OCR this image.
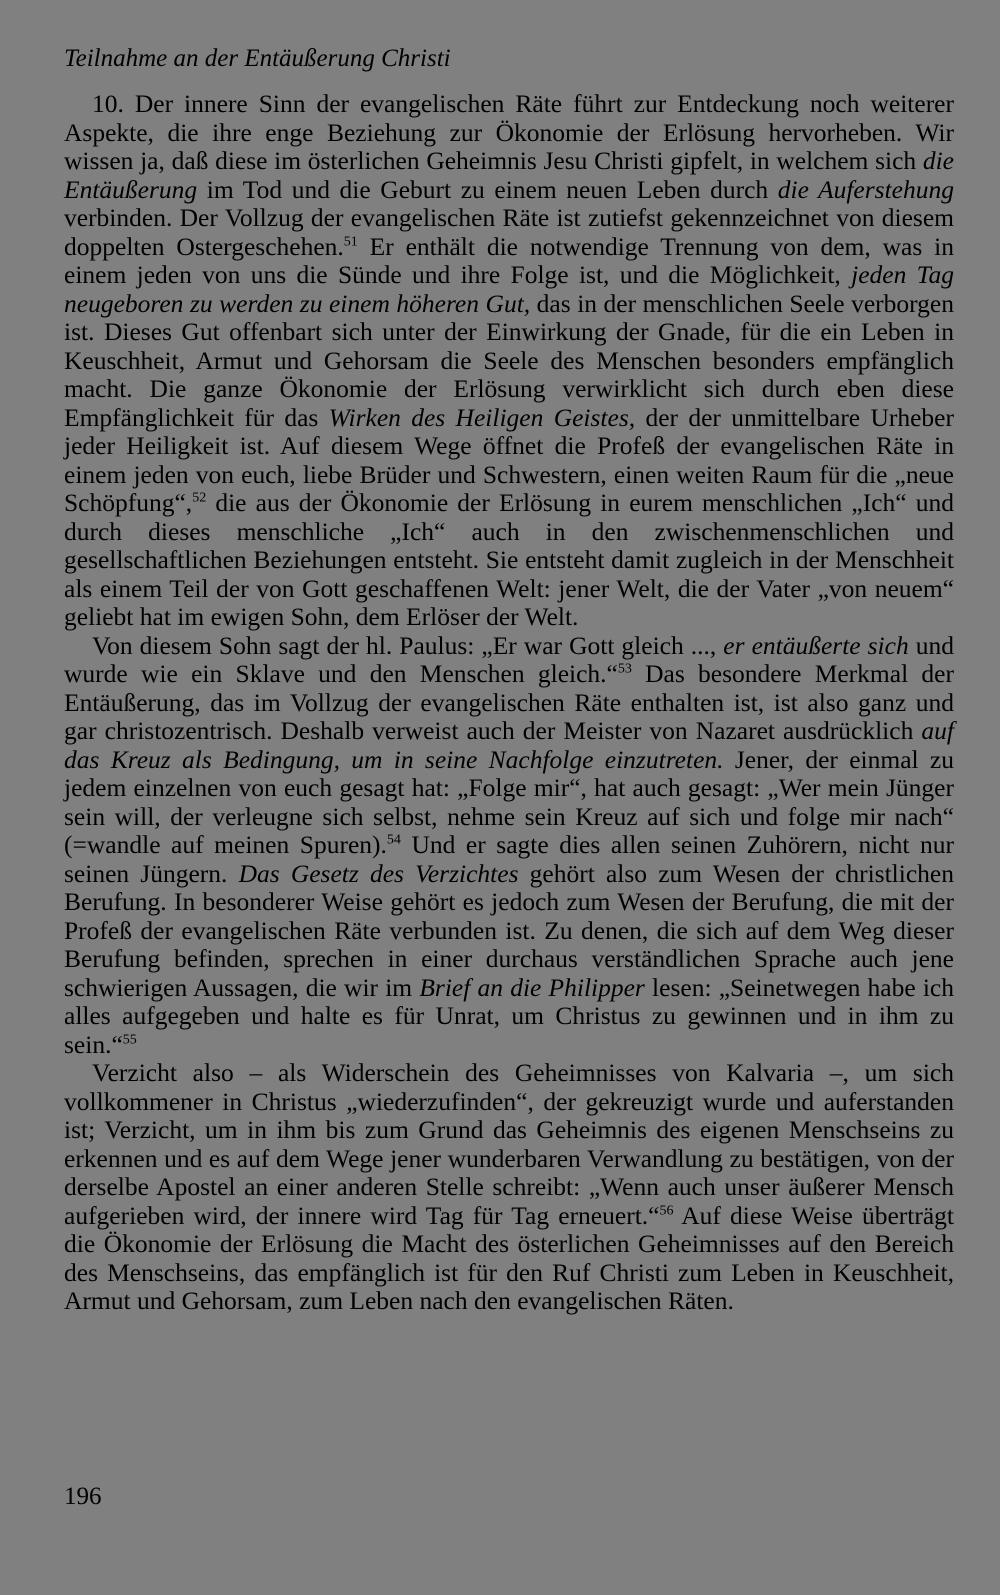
Teilnahme an der Entäußerung Christi

10. Der innere Sinn der evangelischen Räte führt zur Entdeckung noch weiterer Aspekte, die ihre enge Beziehung zur Ökonomie der Erlösung hervorheben. Wir wissen ja, daß diese im österlichen Geheimnis Jesu Christi gipfelt, in welchem sich die Entäußerung im Tod und die Geburt zu einem neuen Leben durch die Auferstehung verbinden. Der Vollzug der evangelischen Räte ist zutiefst gekennzeichnet von diesem doppelten Ostergeschehen.$^{51}$ Er enthält die notwendige Trennung von dem, was in einem jeden von uns die Sünde und ihre Folge ist, und die Möglichkeit, jeden Tag neugeboren zu werden zu einem höheren Gut, das in der menschlichen Seele verborgen ist. Dieses Gut offenbart sich unter der Einwirkung der Gnade, für die ein Leben in Keuschheit, Armut und Gehorsam die Seele des Menschen besonders empfänglich macht. Die ganze Ökonomie der Erlösung verwirklicht sich durch eben diese Empfänglichkeit für das Wirken des Heiligen Geistes, der der unmittelbare Urheber jeder Heiligkeit ist. Auf diesem Wege öffnet die Profeß der evangelischen Räte in einem jeden von euch, liebe Brüder und Schwestern, einen weiten Raum für die „neue Schöpfung“,$^{52}$ die aus der Ökonomie der Erlösung in eurem menschlichen „Ich“ und durch dieses menschliche „Ich“ auch in den zwischenmenschlichen und gesellschaftlichen Beziehungen entsteht. Sie entsteht damit zugleich in der Menschheit als einem Teil der von Gott geschaffenen Welt: jener Welt, die der Vater „von neuem“ geliebt hat im ewigen Sohn, dem Erlöser der Welt.

Von diesem Sohn sagt der hl. Paulus: „Er war Gott gleich ..., er entäußerte sich und wurde wie ein Sklave und den Menschen gleich.“$^{53}$ Das besondere Merkmal der Entäußerung, das im Vollzug der evangelischen Räte enthalten ist, ist also ganz und gar christozentrisch. Deshalb verweist auch der Meister von Nazaret ausdrücklich auf das Kreuz als Bedingung, um in seine Nachfolge einzutreten. Jener, der einmal zu jedem einzelnen von euch gesagt hat: „Folge mir“, hat auch gesagt: „Wer mein Jünger sein will, der verleugne sich selbst, nehme sein Kreuz auf sich und folge mir nach“ (=wandle auf meinen Spuren).$^{54}$ Und er sagte dies allen seinen Zuhörern, nicht nur seinen Jüngern. Das Gesetz des Verzichtes gehört also zum Wesen der christlichen Berufung. In besonderer Weise gehört es jedoch zum Wesen der Berufung, die mit der Profeß der evangelischen Räte verbunden ist. Zu denen, die sich auf dem Weg dieser Berufung befinden, sprechen in einer durchaus verständlichen Sprache auch jene schwierigen Aussagen, die wir im Brief an die Philipper lesen: „Seinetwegen habe ich alles aufgegeben und halte es für Unrat, um Christus zu gewinnen und in ihm zu sein.“$^{55}$

Verzicht also – als Widerschein des Geheimnisses von Kalvaria –, um sich vollkommener in Christus „wiederzufinden“, der gekreuzigt wurde und auferstanden ist; Verzicht, um in ihm bis zum Grund das Geheimnis des eigenen Menschseins zu erkennen und es auf dem Wege jener wunderbaren Verwandlung zu bestätigen, von der derselbe Apostel an einer anderen Stelle schreibt: „Wenn auch unser äußerer Mensch aufgerieben wird, der innere wird Tag für Tag erneuert.“$^{56}$ Auf diese Weise überträgt die Ökonomie der Erlösung die Macht des österlichen Geheimnisses auf den Bereich des Menschseins, das empfänglich ist für den Ruf Christi zum Leben in Keuschheit, Armut und Gehorsam, zum Leben nach den evangelischen Räten.

196
